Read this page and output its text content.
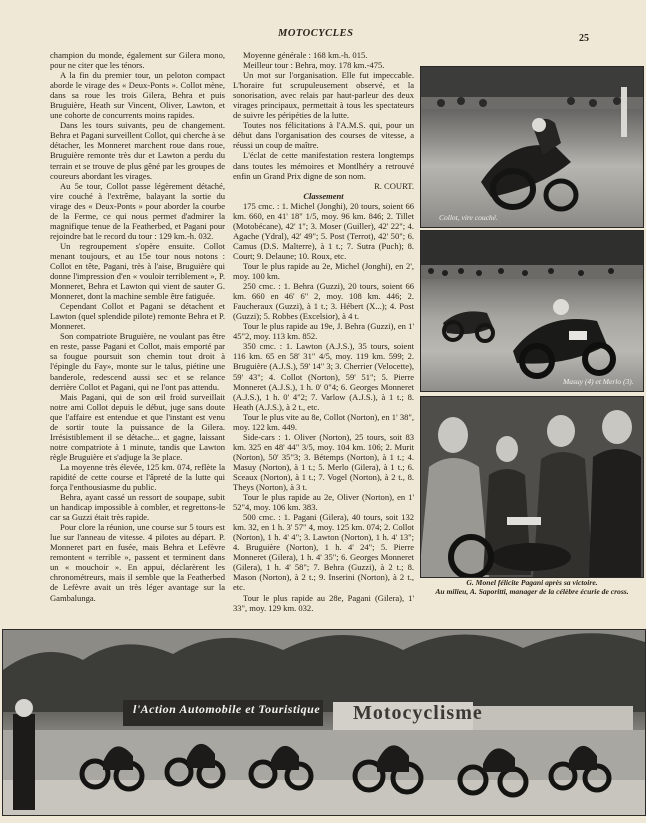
MOTOCYCLES	25

champion du monde, également sur Gilera mono, pour ne citer que les ténors.

A la fin du premier tour, un peloton compact aborde le virage des « Deux-Ponts ». Collot mène, dans sa roue les trois Gilera, Behra et puis Bruguière, Heath sur Vincent, Oliver, Lawton, et une cohorte de concurrents moins rapides.

Dans les tours suivants, peu de changement. Behra et Pagani surveillent Collot, qui cherche à se détacher, les Monneret marchent roue dans roue, Bruguière remonte très dur et Lawton a perdu du terrain et se trouve de plus gêné par les groupes de coureurs abordant les virages.

Au 5e tour, Collot passe légèrement détaché, vire couché à l'extrême, balayant la sortie du virage des « Deux-Ponts » pour aborder la courbe de la Ferme, ce qui nous permet d'admirer la magnifique tenue de la Featherbed, et Pagani pour rejoindre bat le record du tour : 129 km.-h. 032.

Un regroupement s'opère ensuite. Collot menant toujours, et au 15e tour nous notons : Collot en tête, Pagani, très à l'aise, Bruguière qui donne l'impression d'en « vouloir terriblement », P. Monneret, Behra et Lawton qui vient de sauter G. Monneret, dont la machine semble être fatiguée.

Cependant Collot et Pagani se détachent et Lawton (quel splendide pilote) remonte Behra et P. Monneret.

Son compatriote Bruguière, ne voulant pas être en reste, passe Pagani et Collot, mais emporté par sa fougue poursuit son chemin tout droit à l'épingle du Fay», monte sur le talus, piétine une banderole, redescend aussi sec et se relance derrière Collot et Pagani, qui ne l'ont pas attendu.

Mais Pagani, qui de son œil froid surveillait notre ami Collot depuis le début, juge sans doute que l'affaire est entendue et que l'instant est venu de sortir toute la puissance de la Gilera. Irrésistiblement il se détache... et gagne, laissant notre compatriote à 1 minute, tandis que Lawton règle Bruguière et s'adjuge la 3e place.

La moyenne très élevée, 125 km. 074, reflète la rapidité de cette course et l'âpreté de la lutte qui força l'enthousiasme du public.

Behra, ayant cassé un ressort de soupape, subit un handicap impossible à combler, et regrettons-le car sa Guzzi était très rapide.

Pour clore la réunion, une course sur 5 tours est lue sur l'anneau de vitesse. 4 pilotes au départ. P. Monneret part en fusée, mais Behra et Lefèvre remontent « terrible », passent et terminent dans un « mouchoir ». En appui, déclarèrent les chronométreurs, mais il semble que la Featherbed de Lefèvre avait un très léger avantage sur la Gambalunga.

Moyenne générale : 168 km.-h. 015.

Meilleur tour : Behra, moy. 178 km.-475.

Un mot sur l'organisation. Elle fut impeccable. L'horaire fut scrupuleusement observé, et la sonorisation, avec relais par haut-parleur des deux virages principaux, permettait à tous les spectateurs de suivre les péripéties de la lutte.

Toutes nos félicitations à l'A.M.S. qui, pour un début dans l'organisation des courses de vitesse, a réussi un coup de maître.

L'éclat de cette manifestation restera longtemps dans toutes les mémoires et Montlhéry a retrouvé enfin un Grand Prix digne de son nom.

R. COURT.

Classement

175 cmc. : 1. Michel (Jonghi), 20 tours, soient 66 km. 660, en 41' 18" 1/5, moy. 96 km. 846; 2. Tillet (Motobécane), 42' 1"; 3. Moser (Guiller), 42' 22"; 4. Agache (Ydral), 42' 49"; 5. Post (Terrot), 42' 50"; 6. Camus (D.S. Malterre), à 1 t.; 7. Sutra (Puch); 8. Court; 9. Delaune; 10. Roux, etc.

Tour le plus rapide au 2e, Michel (Jonghi), en 2', moy. 100 km.

250 cmc. : 1. Behra (Guzzi), 20 tours, soient 66 km. 660 en 46' 6" 2, moy. 108 km. 446; 2. Faucheraux (Guzzi), à 1 t.; 3. Hébert (X...); 4. Post (Guzzi); 5. Robbes (Excelsior), à 4 t.

Tour le plus rapide au 19e, J. Behra (Guzzi), en 1' 45"2, moy. 113 km. 852.

350 cmc. : 1. Lawton (A.J.S.), 35 tours, soient 116 km. 65 en 58' 31" 4/5, moy. 119 km. 599; 2. Bruguière (A.J.S.), 59' 14" 3; 3. Cherrier (Velocette), 59' 43"; 4. Collot (Norton), 59' 51"; 5. Pierre Monneret (A.J.S.), 1 h. 0' 0"4; 6. Georges Monneret (A.J.S.), 1 h. 0' 4"2; 7. Varlow (A.J.S.), à 1 t.; 8. Heath (A.J.S.), à 2 t., etc.

Tour le plus vite au 8e, Collot (Norton), en 1' 38", moy. 122 km. 449.

Side-cars : 1. Oliver (Norton), 25 tours, soit 83 km. 325 en 48' 44" 3/5, moy. 104 km. 106; 2. Murit (Norton), 50' 35"3; 3. Bétemps (Norton), à 1 t.; 4. Masuy (Norton), à 1 t.; 5. Merlo (Gilera), à 1 t.; 6. Sceaux (Norton), à 1 t.; 7. Vogel (Norton), à 2 t., 8. Theys (Norton), à 3 t.

Tour le plus rapide au 2e, Oliver (Norton), en 1' 52"4, moy. 106 km. 383.

500 cmc. : 1. Pagani (Gilera), 40 tours, soit 132 km. 32, en 1 h. 3' 57" 4, moy. 125 km. 074; 2. Collot (Norton), 1 h. 4' 4"; 3. Lawton (Norton), 1 h. 4' 13"; 4. Bruguière (Norton), 1 h. 4' 24"; 5. Pierre Monneret (Gilera), 1 h. 4' 35"; 6. Georges Monneret (Gilera), 1 h. 4' 58"; 7. Behra (Guzzi), à 2 t.; 8. Mason (Norton), à 2 t.; 9. Inserini (Norton), à 2 t., etc.

Tour le plus rapide au 28e, Pagani (Gilera), 1' 33", moy. 129 km. 032.

Collot, vire couché.
Masuy (4) et Merlo (3).
G. Monel félicite Pagani après sa victoire.
Au milieu, A. Saporitti, manager de la célèbre écurie de cross.
l'Action Automobile et Touristique Motocyclisme
